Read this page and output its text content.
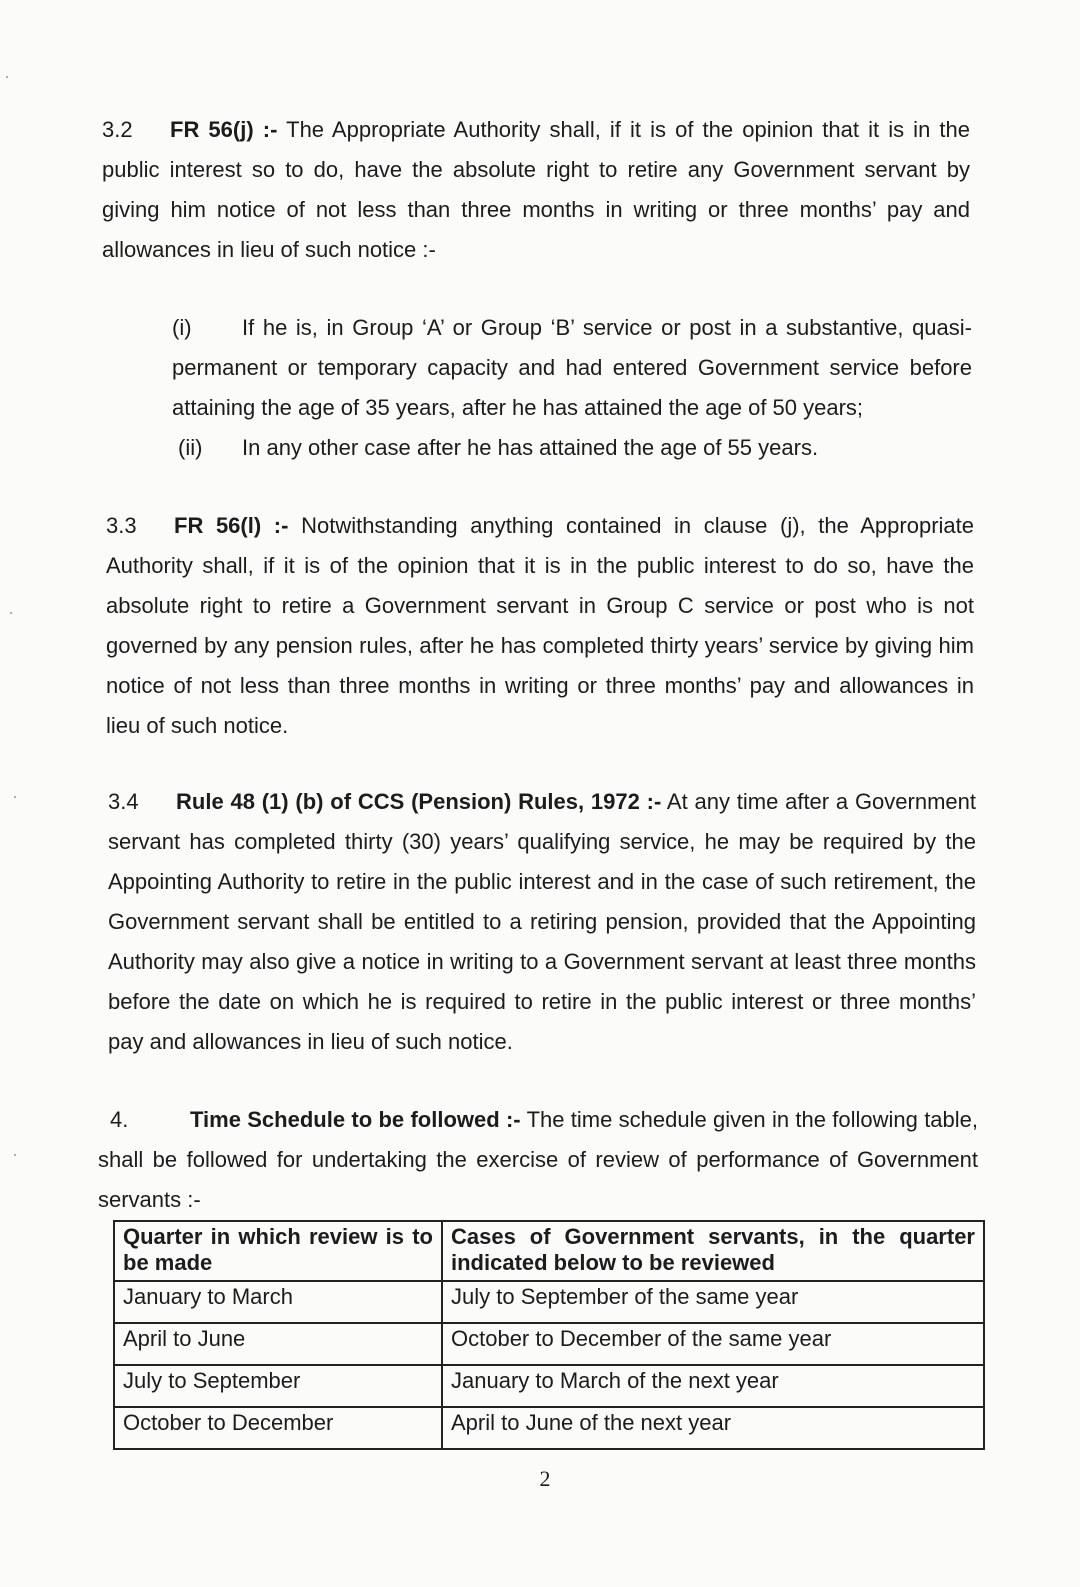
3.2 FR 56(j) :- The Appropriate Authority shall, if it is of the opinion that it is in the public interest so to do, have the absolute right to retire any Government servant by giving him notice of not less than three months in writing or three months’ pay and allowances in lieu of such notice :-
(i) If he is, in Group ‘A’ or Group ‘B’ service or post in a substantive, quasi-permanent or temporary capacity and had entered Government service before attaining the age of 35 years, after he has attained the age of 50 years;
(ii) In any other case after he has attained the age of 55 years.
3.3 FR 56(l) :- Notwithstanding anything contained in clause (j), the Appropriate Authority shall, if it is of the opinion that it is in the public interest to do so, have the absolute right to retire a Government servant in Group C service or post who is not governed by any pension rules, after he has completed thirty years’ service by giving him notice of not less than three months in writing or three months’ pay and allowances in lieu of such notice.
3.4 Rule 48 (1) (b) of CCS (Pension) Rules, 1972 :- At any time after a Government servant has completed thirty (30) years’ qualifying service, he may be required by the Appointing Authority to retire in the public interest and in the case of such retirement, the Government servant shall be entitled to a retiring pension, provided that the Appointing Authority may also give a notice in writing to a Government servant at least three months before the date on which he is required to retire in the public interest or three months’ pay and allowances in lieu of such notice.
4.	Time Schedule to be followed :- The time schedule given in the following table, shall be followed for undertaking the exercise of review of performance of Government servants :-
Quarter in which review is to be made	Cases of Government servants, in the quarter indicated below to be reviewed
January to March	July to September of the same year
April to June	October to December of the same year
July to September	January to March of the next year
October to December	April to June of the next year
2
